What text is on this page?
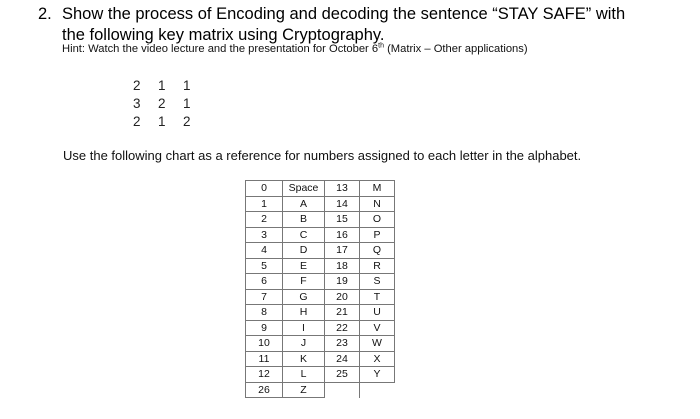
2. Show the process of Encoding and decoding the sentence “STAY SAFE” with
the following key matrix using Cryptography.
Hint: Watch the video lecture and the presentation for October 6th (Matrix – Other applications)
2	1	1
3	2	1
2	1	2
Use the following chart as a reference for numbers assigned to each letter in the alphabet.
0	Space	13	M
1	A	14	N
2	B	15	O
3	C	16	P
4	D	17	Q
5	E	18	R
6	F	19	S
7	G	20	T
8	H	21	U
9	I	22	V
10	J	23	W
11	K	24	X
12	L	25	Y
26	Z		
